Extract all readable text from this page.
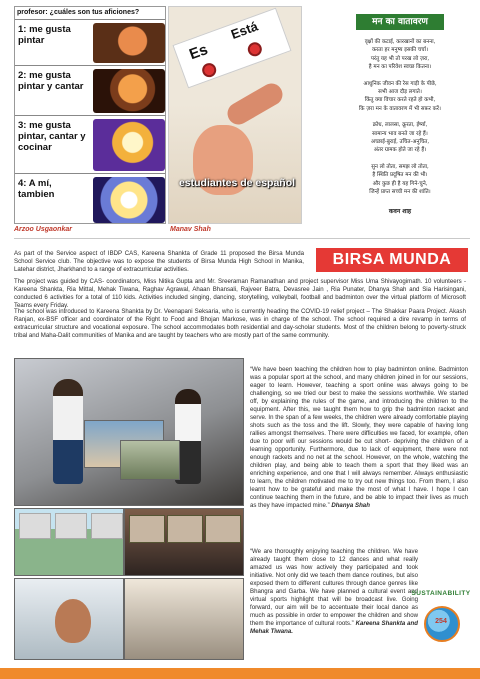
profesor: ¿cuáles son tus aficiones?
1: me gusta pintar
2: me gusta pintar y cantar
3: me gusta pintar, cantar y cocinar
4: A mí, tambien
Arzoo Usgaonkar
Es
Está
estudiantes de español
Manav Shah
मन का वातावरण
वृक्षों की कटाई, कारखानों का बनना,
करता हर मनुष्य इसकी चर्चा।
परंतु यह भी तो परख लो ज़रा,
है मन का परिवेश स्वच्छ कितना।
आधुनिक जीवन की रेस गाड़ी के पीछे,
सभी आज दौड़ लगाते।
किंतु क्या विचार करते रहते हो कभी,
कि ज़रा मन के वातावरण में भी सफ़र करें।
क्रोध, लालसा, क्रूरता, ईर्ष्या,
सामान्य भाव बनते जा रहे हैं।
अच्छाई-बुराई, उचित-अनुचित,
अंतर ग्रामक होते जा रहे हैं।
सुन लो तोता, समझ लो तोता,
है स्थिति प्रदूषित मन की भी।
और कुछ ही है यह गिने-चुने,
जिन्हें प्राप्त सच्ची मन की शांति।
कवन शाह
BIRSA MUNDA

As part of the Service aspect of IBDP CAS, Kareena Shankta of Grade 11 proposed the Birsa Munda School Service club. The objective was to expose the students of Birsa Munda High School in Manika, Latehar district, Jharkhand to a range of extracurricular activities.

The project was guided by CAS- coordinators, Miss Nitika Gupta and Mr. Sreeraman Ramanathan and project supervisor Miss Uma Shivayogimath. 10 volunteers - Kareena Shankta, Ria Mittal, Mehak Tiwana, Raghav Agrawal, Ahaan Bhansali, Rajveer Batra, Devasree Jain , Ria Punater, Dhanya Shah and Sia Harisingani, conducted 6 activities for a total of 110 kids. Activities included singing, dancing, storytelling, volleyball, football and badminton over the virtual platform of Microsoft Teams every Friday.

The school was introduced to Kareena Shankta by Dr. Veenapani Seksaria, who is currently heading the COVID-19 relief project – The Shakkar Paara Project. Akash Ranjan, ex-BSF officer and coordinator of the Right to Food and Bhojan Markose, was in charge of the school. The school required a dire revamp in terms of extracurricular structure and vocational exposure. The school accommodates both residential and day-scholar students. Most of the children belong to poverty-struck tribal and Maha-Dalit communities of Manika and are taught by teachers who are mostly part of the same community.

“We have been teaching the children how to play badminton online. Badminton was a popular sport at the school, and many children joined in for our sessions, eager to learn. However, teaching a sport online was always going to be challenging, so we tried our best to make the sessions worthwhile. We started off, by explaining the rules of the game, and introducing the children to the equipment. After this, we taught them how to grip the badminton racket and serve. In the span of a few weeks, the children were already comfortable playing shots such as the toss and the lift. Slowly, they were capable of having long rallies amongst themselves. There were difficulties we faced, for example, often due to poor wifi our sessions would be cut short- depriving the children of a learning opportunity. Furthermore, due to lack of equipment, there were not enough rackets and no net at the school. However, on the whole, watching the children play, and being able to teach them a sport that they liked was an enriching experience, and one that I will always remember. Always enthusiastic to learn, the children motivated me to try out new things too. From them, I also learnt how to be grateful and make the most of what I have. I hope I can continue teaching them in the future, and be able to impact their lives as much as they have impacted mine.” Dhanya Shah
“We are thoroughly enjoying teaching the children. We have already taught them close to 12 dances and what really amazed us was how actively they participated and took initiative. Not only did we teach them dance routines, but also exposed them to different cultures through dance genres like Bhangra and Garba. We have planned a cultural event and virtual sports highlight that will be broadcast live. Going forward, our aim will be to accentuate their local dance as much as possible in order to empower the children and show them the importance of cultural roots.” Kareena Shankta and Mehak Tiwana.
SUSTAINABILITY
254
